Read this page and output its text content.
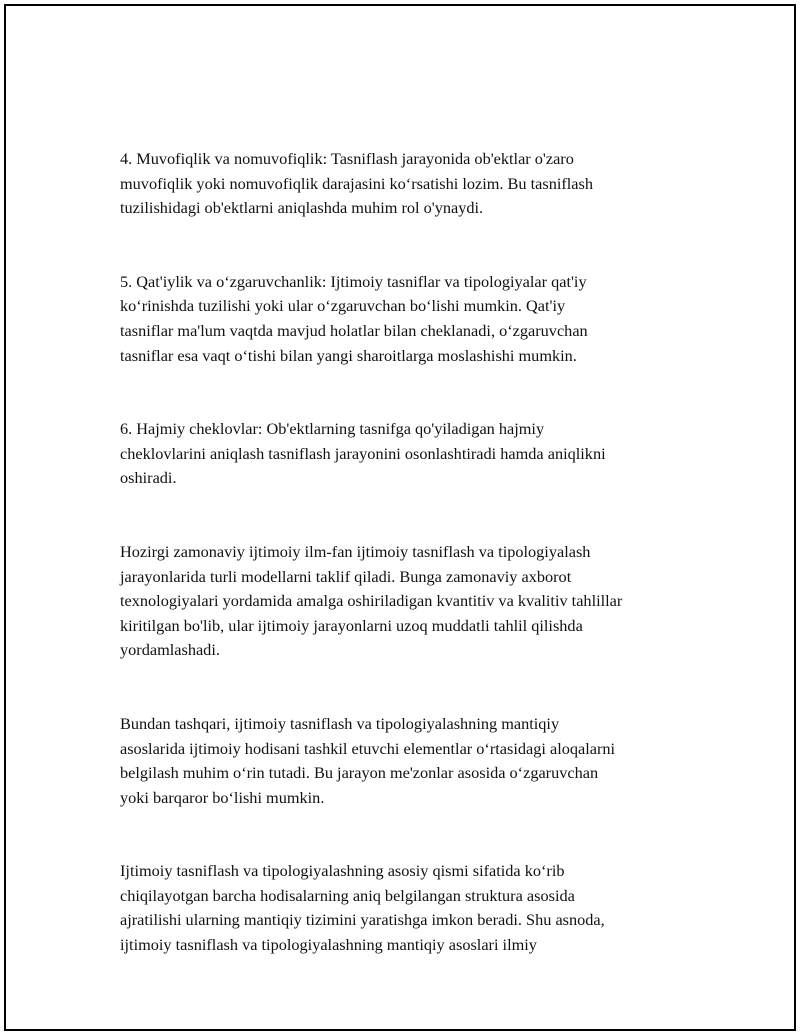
4. Muvofiqlik va nomuvofiqlik: Tasniflash jarayonida ob'ektlar o'zaro
muvofiqlik yoki nomuvofiqlik darajasini ko‘rsatishi lozim. Bu tasniflash
tuzilishidagi ob'ektlarni aniqlashda muhim rol o'ynaydi.

5. Qat'iylik va o‘zgaruvchanlik: Ijtimoiy tasniflar va tipologiyalar qat'iy
ko‘rinishda tuzilishi yoki ular o‘zgaruvchan bo‘lishi mumkin. Qat'iy
tasniflar ma'lum vaqtda mavjud holatlar bilan cheklanadi, o‘zgaruvchan
tasniflar esa vaqt o‘tishi bilan yangi sharoitlarga moslashishi mumkin.

6. Hajmiy cheklovlar: Ob'ektlarning tasnifga qo'yiladigan hajmiy
cheklovlarini aniqlash tasniflash jarayonini osonlashtiradi hamda aniqlikni
oshiradi.

Hozirgi zamonaviy ijtimoiy ilm-fan ijtimoiy tasniflash va tipologiyalash
jarayonlarida turli modellarni taklif qiladi. Bunga zamonaviy axborot
texnologiyalari yordamida amalga oshiriladigan kvantitiv va kvalitiv tahlillar
kiritilgan bo'lib, ular ijtimoiy jarayonlarni uzoq muddatli tahlil qilishda
yordamlashadi.

Bundan tashqari, ijtimoiy tasniflash va tipologiyalashning mantiqiy
asoslarida ijtimoiy hodisani tashkil etuvchi elementlar o‘rtasidagi aloqalarni
belgilash muhim o‘rin tutadi. Bu jarayon me'zonlar asosida o‘zgaruvchan
yoki barqaror bo‘lishi mumkin.

Ijtimoiy tasniflash va tipologiyalashning asosiy qismi sifatida ko‘rib
chiqilayotgan barcha hodisalarning aniq belgilangan struktura asosida
ajratilishi ularning mantiqiy tizimini yaratishga imkon beradi. Shu asnoda,
ijtimoiy tasniflash va tipologiyalashning mantiqiy asoslari ilmiy
